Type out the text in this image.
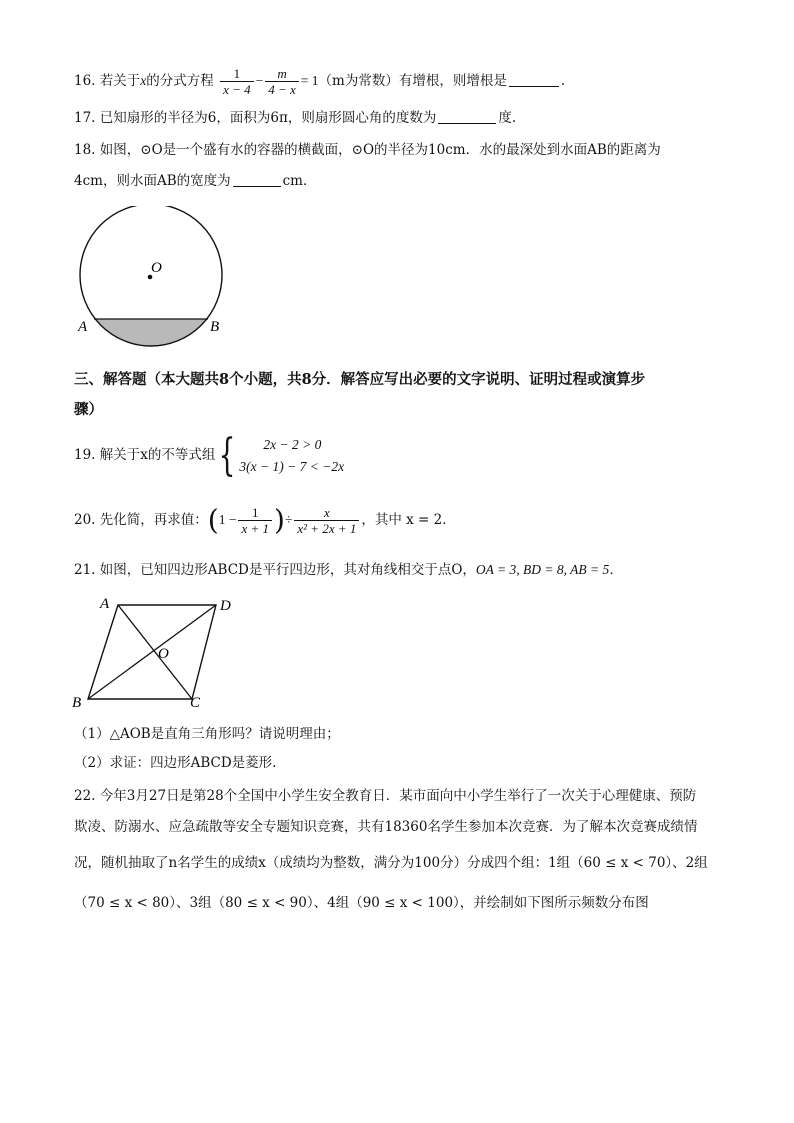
16. 若关于x的分式方程 $\frac{1}{x - 4} - \frac{m}{4 - x} = 1(m$为常数）有增根，则增根是	.
17. 已知扇形的半径为6，面积为6π，则扇形圆心角的度数为	度.
18. 如图，⊙O是一个盛有水的容器的横截面，⊙O的半径为10cm．水的最深处到水面AB的距离为
4cm，则水面AB的宽度为	cm．
O
A	B
三、解答题（本大题共8个小题，共8分．解答应写出必要的文字说明、证明过程或演算步
骤）
19. 解关于x的不等式组 {	2x − 2 > 0
3(x − 1) − 7 < −2x
20. 先化简，再求值：($1 - \frac{1}{x + 1}$ )÷ $\frac{x}{\text{x² + 2x + 1}}$ ，其中 x = 2．
21. 如图，已知四边形ABCD是平行四边形，其对角线相交于点O，OA = 3, BD = 8, AB = 5．
A	D
O
B	C
（1）△AOB是直角三角形吗？请说明理由；
（2）求证：四边形ABCD是菱形.
22. 今年3月27日是第28个全国中小学生安全教育日．某市面向中小学生举行了一次关于心理健康、预防
欺凌、防溺水、应急疏散等安全专题知识竞赛，共有18360名学生参加本次竞赛．为了解本次竞赛成绩情
况，随机抽取了n名学生的成绩x（成绩均为整数，满分为100分）分成四个组：1组（60 ≤ x < 70）、2组
（70 ≤ x < 80）、3组（80 ≤ x < 90）、4组（90 ≤ x < 100），并绘制如下图所示频数分布图
